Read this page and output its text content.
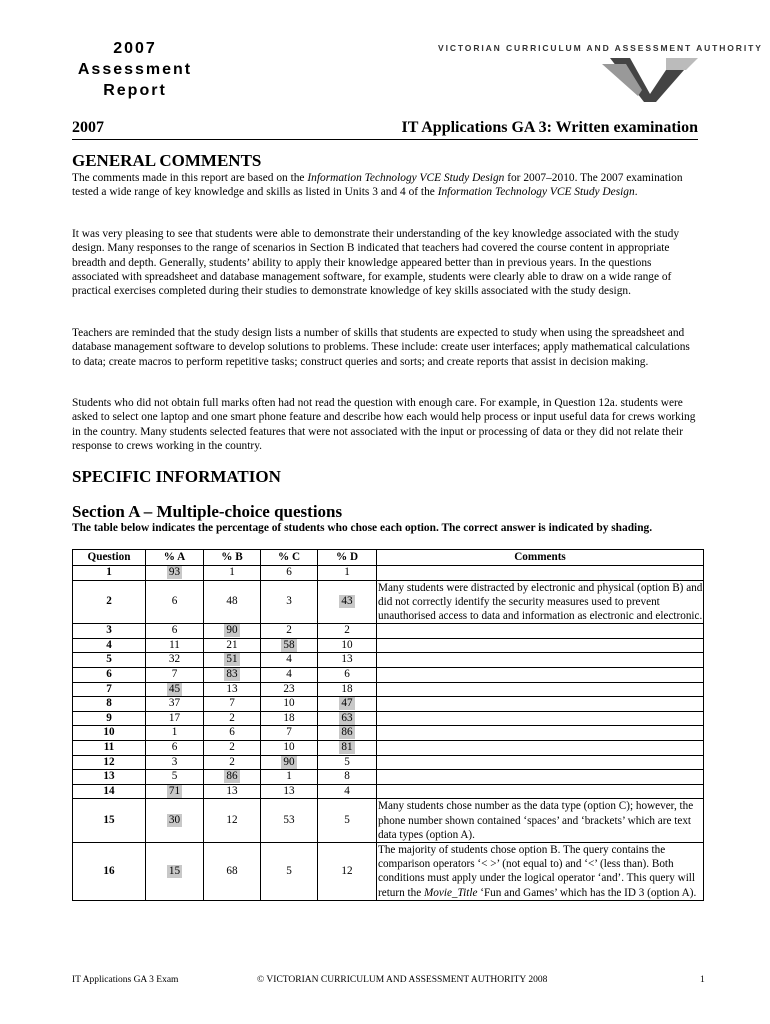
2007
Assessment
Report
VICTORIAN CURRICULUM AND ASSESSMENT AUTHORITY
2007	IT Applications GA 3: Written examination
GENERAL COMMENTS
The comments made in this report are based on the Information Technology VCE Study Design for 2007–2010. The 2007 examination tested a wide range of key knowledge and skills as listed in Units 3 and 4 of the Information Technology VCE Study Design.
It was very pleasing to see that students were able to demonstrate their understanding of the key knowledge associated with the study design. Many responses to the range of scenarios in Section B indicated that teachers had covered the course content in appropriate breadth and depth. Generally, students’ ability to apply their knowledge appeared better than in previous years. In the questions associated with spreadsheet and database management software, for example, students were clearly able to draw on a wide range of practical exercises completed during their studies to demonstrate knowledge of key skills associated with the study design.
Teachers are reminded that the study design lists a number of skills that students are expected to study when using the spreadsheet and database management software to develop solutions to problems. These include: create user interfaces; apply mathematical calculations to data; create macros to perform repetitive tasks; construct queries and sorts; and create reports that assist in decision making.
Students who did not obtain full marks often had not read the question with enough care. For example, in Question 12a. students were asked to select one laptop and one smart phone feature and describe how each would help process or input useful data for crews working in the country. Many students selected features that were not associated with the input or processing of data or they did not relate their response to crews working in the country.
SPECIFIC INFORMATION
Section A – Multiple-choice questions
The table below indicates the percentage of students who chose each option. The correct answer is indicated by shading.
Question	% A	% B	% C	% D	Comments
1	93	1	6	1	
2	6	48	3	43	Many students were distracted by electronic and physical (option B) and did not correctly identify the security measures used to prevent unauthorised access to data and information as electronic and electronic.
3	6	90	2	2	
4	11	21	58	10	
5	32	51	4	13	
6	7	83	4	6	
7	45	13	23	18	
8	37	7	10	47	
9	17	2	18	63	
10	1	6	7	86	
11	6	2	10	81	
12	3	2	90	5	
13	5	86	1	8	
14	71	13	13	4	
15	30	12	53	5	Many students chose number as the data type (option C); however, the phone number shown contained ‘spaces’ and ‘brackets’ which are text data types (option A).
16	15	68	5	12	The majority of students chose option B. The query contains the comparison operators ‘< >’ (not equal to) and ‘<’ (less than). Both conditions must apply under the logical operator ‘and’. This query will return the Movie_Title ‘Fun and Games’ which has the ID 3 (option A).
IT Applications GA 3 Exam	© VICTORIAN CURRICULUM AND ASSESSMENT AUTHORITY 2008	1
